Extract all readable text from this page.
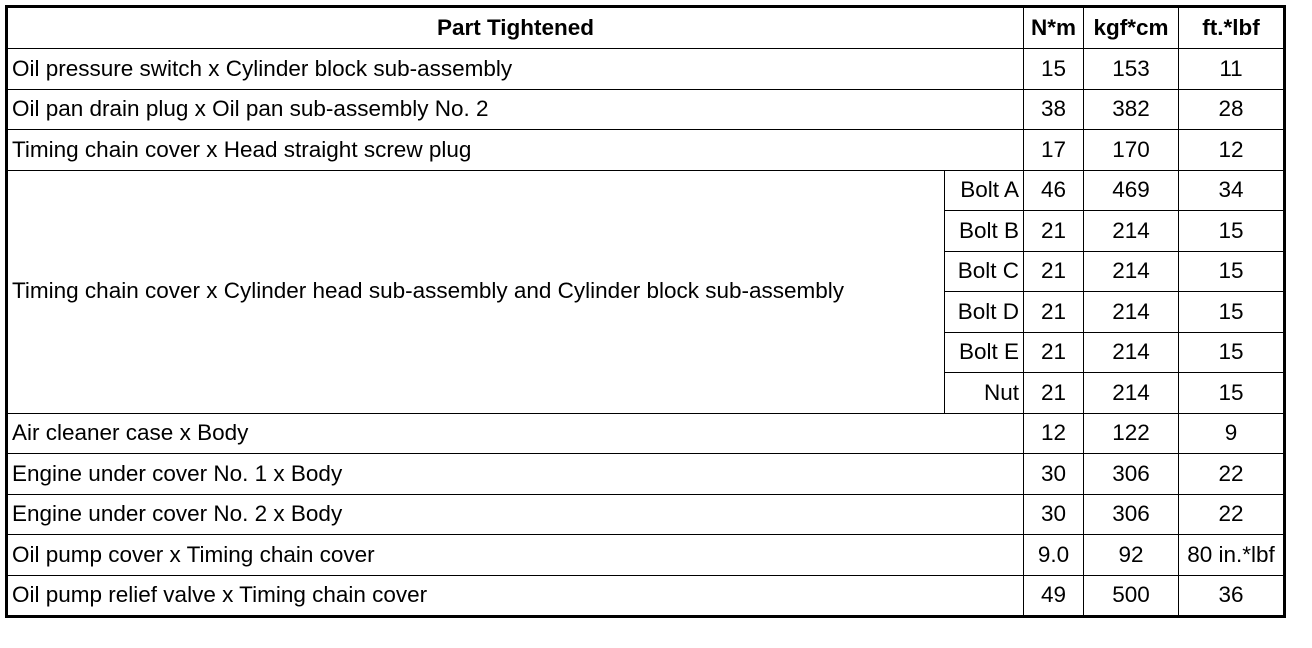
Part Tightened		N*m	kgf*cm	ft.*lbf
Oil pressure switch x Cylinder block sub-assembly		15	153	11
Oil pan drain plug x Oil pan sub-assembly No. 2		38	382	28
Timing chain cover x Head straight screw plug		17	170	12
Timing chain cover x Cylinder head sub-assembly and Cylinder block sub-assembly	Bolt A	46	469	34
	Bolt B	21	214	15
	Bolt C	21	214	15
	Bolt D	21	214	15
	Bolt E	21	214	15
	Nut	21	214	15
Air cleaner case x Body		12	122	9
Engine under cover No. 1 x Body		30	306	22
Engine under cover No. 2 x Body		30	306	22
Oil pump cover x Timing chain cover		9.0	92	80 in.*lbf
Oil pump relief valve x Timing chain cover		49	500	36
